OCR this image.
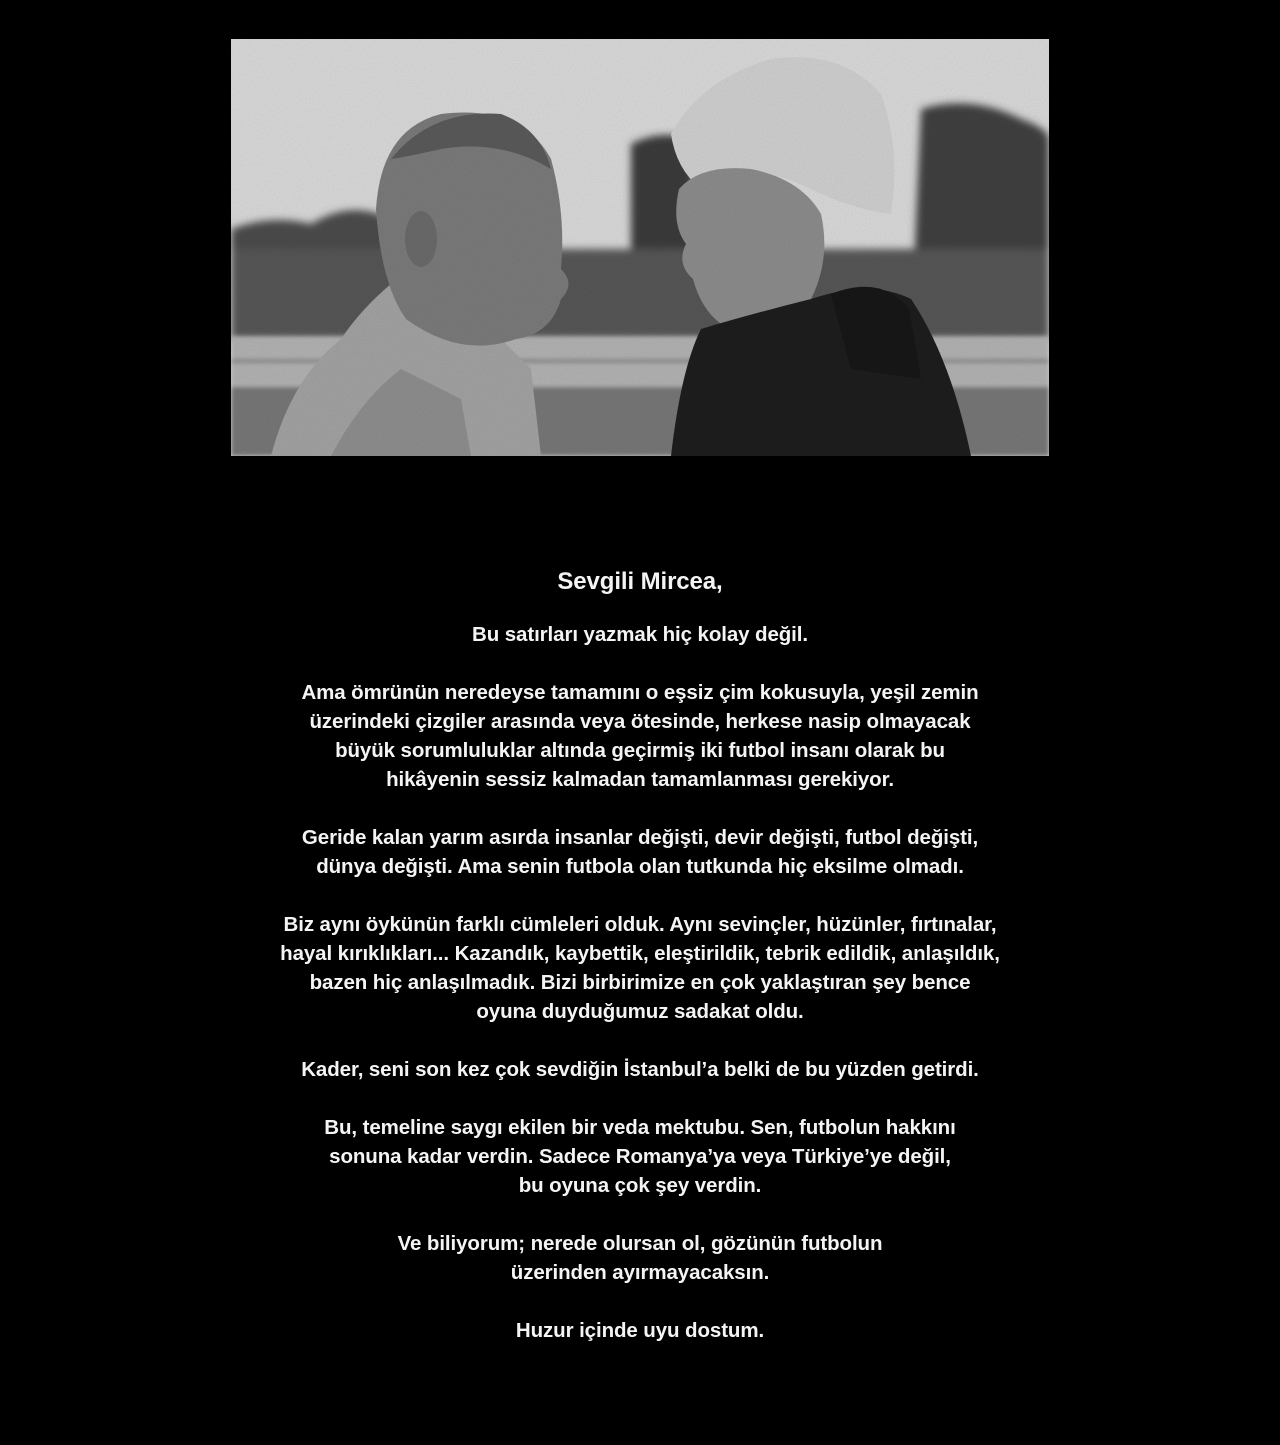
Sevgili Mircea,
Bu satırları yazmak hiç kolay değil.
Ama ömrünün neredeyse tamamını o eşsiz çim kokusuyla, yeşil zemin
üzerindeki çizgiler arasında veya ötesinde, herkese nasip olmayacak
büyük sorumluluklar altında geçirmiş iki futbol insanı olarak bu
hikâyenin sessiz kalmadan tamamlanması gerekiyor.
Geride kalan yarım asırda insanlar değişti, devir değişti, futbol değişti,
dünya değişti. Ama senin futbola olan tutkunda hiç eksilme olmadı.
Biz aynı öykünün farklı cümleleri olduk. Aynı sevinçler, hüzünler, fırtınalar,
hayal kırıklıkları... Kazandık, kaybettik, eleştirildik, tebrik edildik, anlaşıldık,
bazen hiç anlaşılmadık. Bizi birbirimize en çok yaklaştıran şey bence
oyuna duyduğumuz sadakat oldu.
Kader, seni son kez çok sevdiğin İstanbul’a belki de bu yüzden getirdi.
Bu, temeline saygı ekilen bir veda mektubu. Sen, futbolun hakkını
sonuna kadar verdin. Sadece Romanya’ya veya Türkiye’ye değil,
bu oyuna çok şey verdin.
Ve biliyorum; nerede olursan ol, gözünün futbolun
üzerinden ayırmayacaksın.
Huzur içinde uyu dostum.
